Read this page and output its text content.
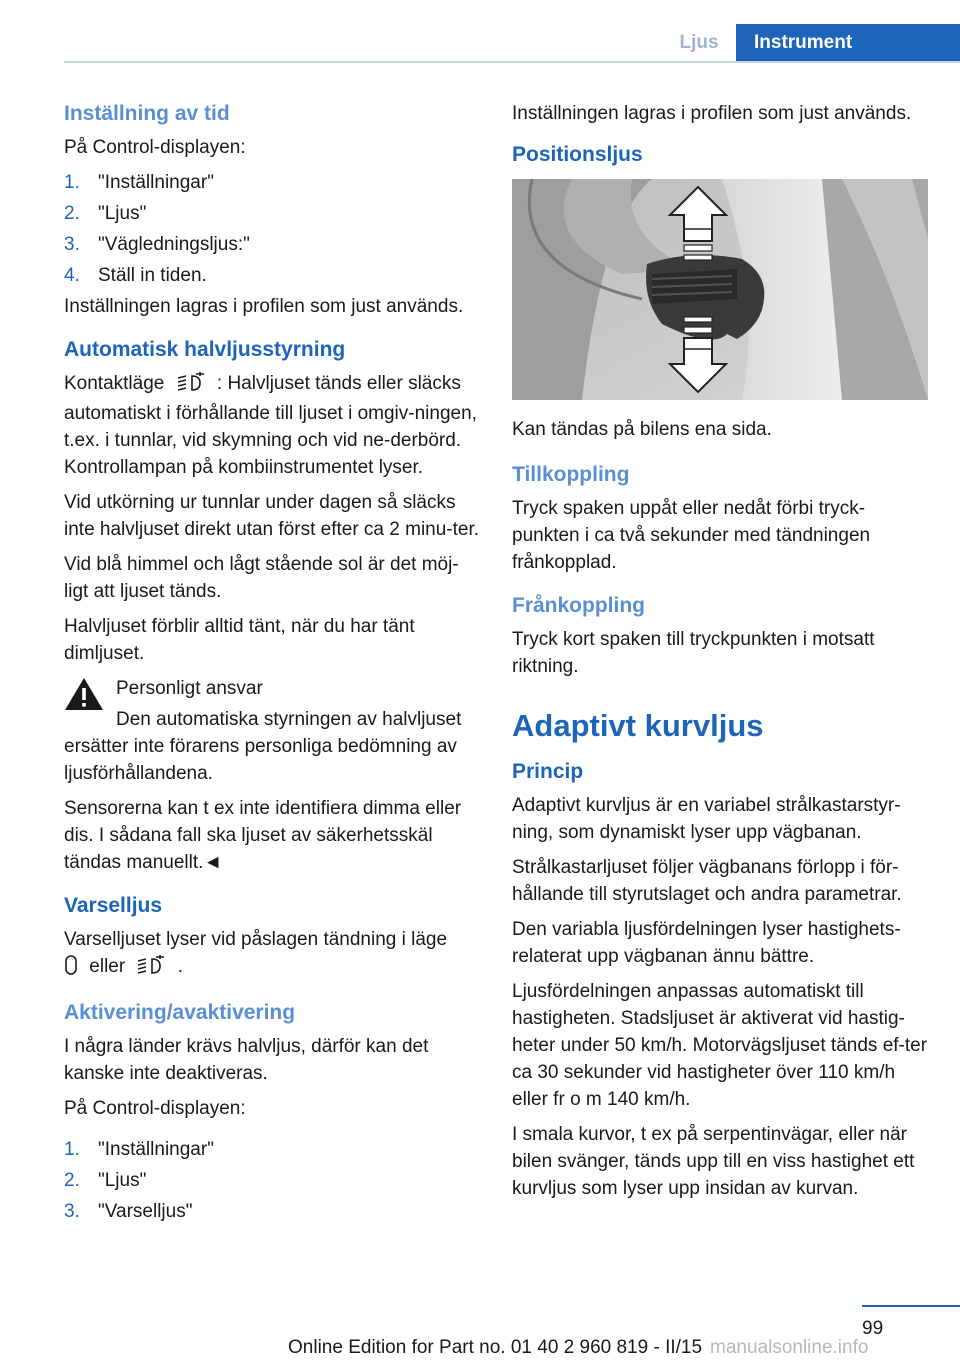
Ljus	Instrument
Inställning av tid

På Control-displayen:

1. "Inställningar"
2. "Ljus"
3. "Vägledningsljus:"
4. Ställ in tiden.

Inställningen lagras i profilen som just används.

Automatisk halvljusstyrning

Kontaktläge	: Halvljuset tänds eller släcks automatiskt i förhållande till ljuset i omgiv-ningen, t.ex. i tunnlar, vid skymning och vid ne-derbörd. Kontrollampan på kombiinstrumentet lyser.

Vid utkörning ur tunnlar under dagen så släcks inte halvljuset direkt utan först efter ca 2 minu-ter.

Vid blå himmel och lågt stående sol är det möj-ligt att ljuset tänds.

Halvljuset förblir alltid tänt, när du har tänt dimljuset.

Personligt ansvar

Den automatiska styrningen av halvljuset ersätter inte förarens personliga bedömning av ljusförhållandena.

Sensorerna kan t ex inte identifiera dimma eller dis. I sådana fall ska ljuset av säkerhetsskäl tändas manuellt.◄

Varselljus

Varselljuset lyser vid påslagen tändning i läge
eller	.

Aktivering/avaktivering

I några länder krävs halvljus, därför kan det kanske inte deaktiveras.

På Control-displayen:

1. "Inställningar"
2. "Ljus"
3. "Varselljus"

Inställningen lagras i profilen som just används.

Positionsljus

Kan tändas på bilens ena sida.

Tillkoppling

Tryck spaken uppåt eller nedåt förbi tryck-punkten i ca två sekunder med tändningen frånkopplad.

Frånkoppling

Tryck kort spaken till tryckpunkten i motsatt riktning.

Adaptivt kurvljus
Princip

Adaptivt kurvljus är en variabel strålkastarstyr-ning, som dynamiskt lyser upp vägbanan.

Strålkastarljuset följer vägbanans förlopp i för-hållande till styrutslaget och andra parametrar.

Den variabla ljusfördelningen lyser hastighets-relaterat upp vägbanan ännu bättre.

Ljusfördelningen anpassas automatiskt till hastigheten. Stadsljuset är aktiverat vid hastig-heter under 50 km/h. Motorvägsljuset tänds ef-ter ca 30 sekunder vid hastigheter över 110 km/h eller fr o m 140 km/h.

I smala kurvor, t ex på serpentinvägar, eller när bilen svänger, tänds upp till en viss hastighet ett kurvljus som lyser upp insidan av kurvan.

99
Online Edition for Part no. 01 40 2 960 819 - II/15 manualsonline.info
